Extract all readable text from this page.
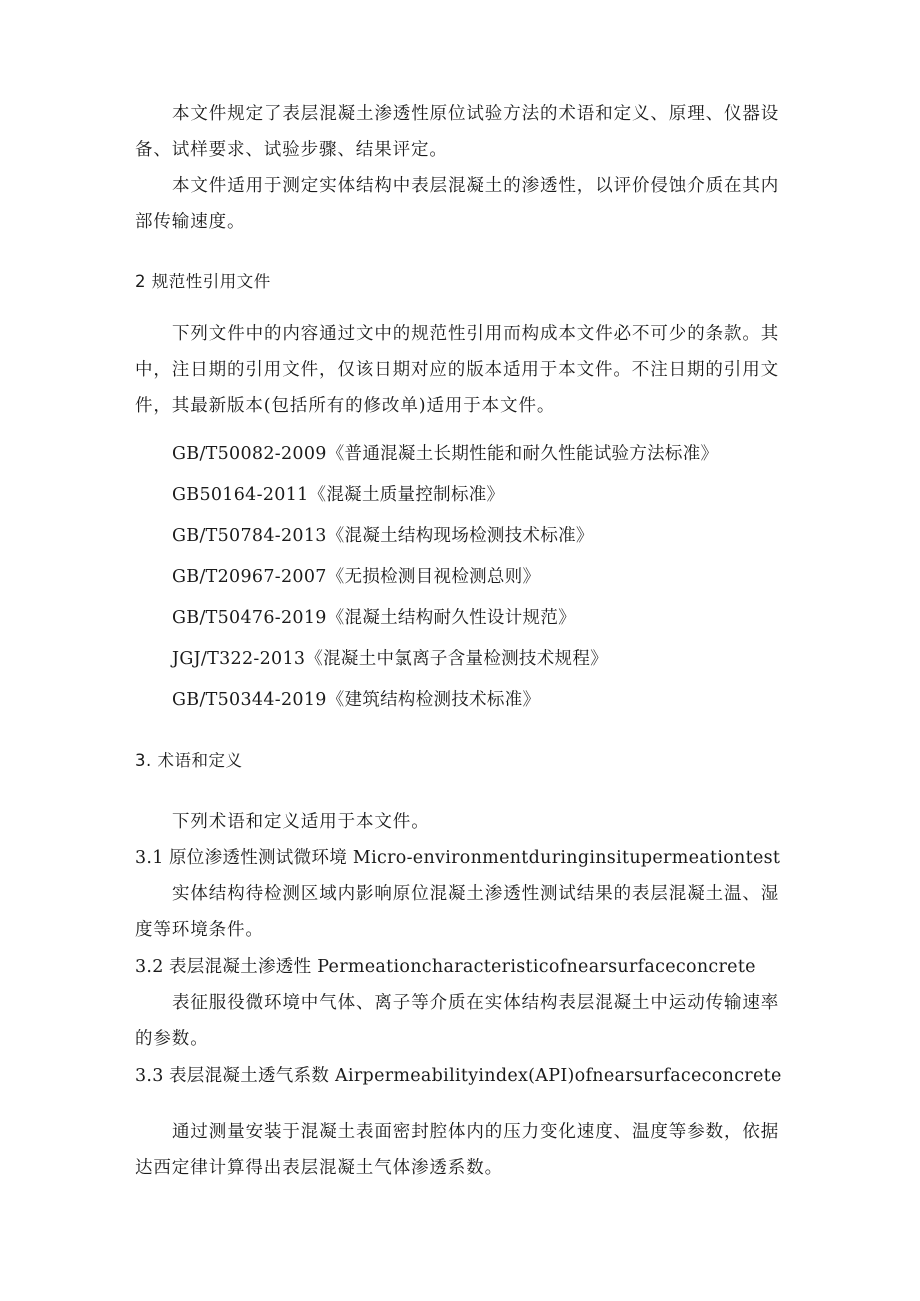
本文件规定了表层混凝土渗透性原位试验方法的术语和定义、原理、仪器设
备、试样要求、试验步骤、结果评定。
本文件适用于测定实体结构中表层混凝土的渗透性，以评价侵蚀介质在其内
部传输速度。
2 规范性引用文件
下列文件中的内容通过文中的规范性引用而构成本文件必不可少的条款。其
中，注日期的引用文件，仅该日期对应的版本适用于本文件。不注日期的引用文
件，其最新版本(包括所有的修改单)适用于本文件。
GB/T50082-2009《普通混凝土长期性能和耐久性能试验方法标准》
GB50164-2011《混凝土质量控制标准》
GB/T50784-2013《混凝土结构现场检测技术标准》
GB/T20967-2007《无损检测目视检测总则》
GB/T50476-2019《混凝土结构耐久性设计规范》
JGJ/T322-2013《混凝土中氯离子含量检测技术规程》
GB/T50344-2019《建筑结构检测技术标准》
3. 术语和定义
下列术语和定义适用于本文件。
3.1 原位渗透性测试微环境 Micro-environmentduringinsitupermeationtest
实体结构待检测区域内影响原位混凝土渗透性测试结果的表层混凝土温、湿
度等环境条件。
3.2 表层混凝土渗透性 Permeationcharacteristicofnearsurfaceconcrete
表征服役微环境中气体、离子等介质在实体结构表层混凝土中运动传输速率
的参数。
3.3 表层混凝土透气系数 Airpermeabilityindex(API)ofnearsurfaceconcrete
通过测量安装于混凝土表面密封腔体内的压力变化速度、温度等参数，依据
达西定律计算得出表层混凝土气体渗透系数。
